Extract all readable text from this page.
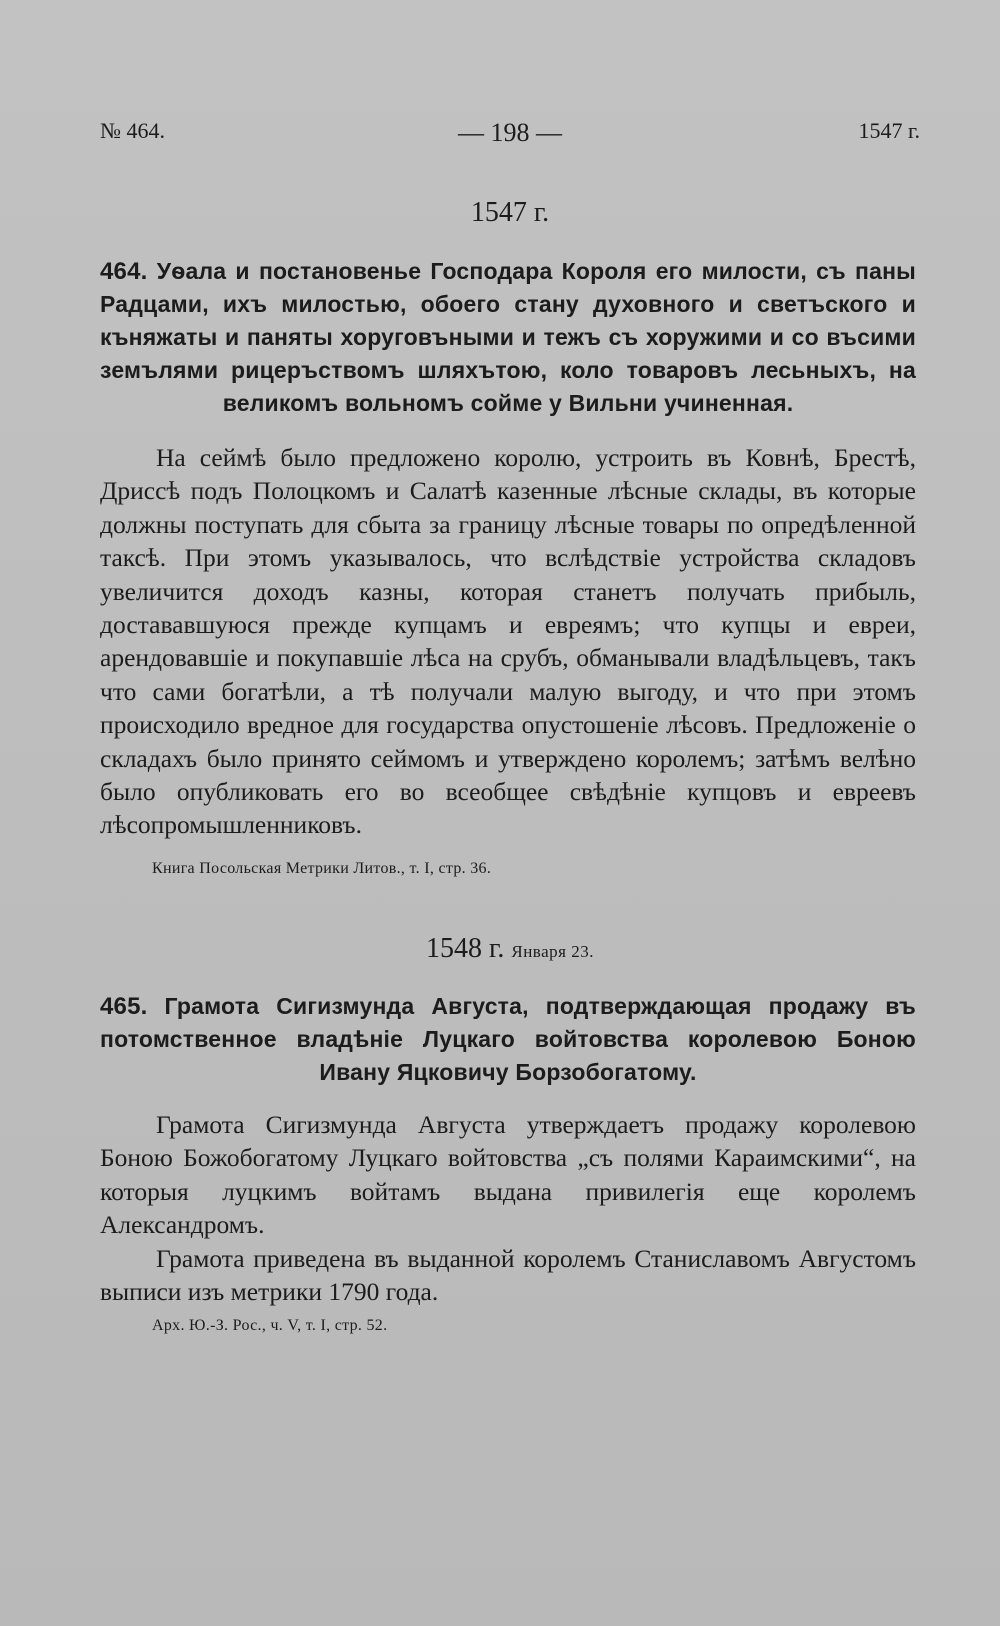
№ 464.	— 198 —	1547 г.
1547 г.
464. Уѳала и постановенье Господара Короля его милости, съ паны Радцами, ихъ милостью, обоего стану духовного и светъского и къняжаты и паняты хоруговъными и тежъ съ хоружими и со въсими земълями рицеръствомъ шляхътою, коло товаровъ лесьныхъ, на великомъ вольномъ сойме у Вильни учиненная.

На сеймѣ было предложено королю, устроить въ Ковнѣ, Брестѣ, Дриссѣ подъ Полоцкомъ и Салатѣ казенные лѣсные склады, въ которые должны поступать для сбыта за границу лѣсные товары по опредѣленной таксѣ. При этомъ указывалось, что вслѣдствіе устройства складовъ увеличится доходъ казны, которая станетъ получать прибыль, достававшуюся прежде купцамъ и евреямъ; что купцы и евреи, арендовавшіе и покупавшіе лѣса на срубъ, обманывали владѣльцевъ, такъ что сами богатѣли, а тѣ получали малую выгоду, и что при этомъ происходило вредное для государства опустошеніе лѣсовъ. Предложеніе о складахъ было принято сеймомъ и утверждено королемъ; затѣмъ велѣно было опубликовать его во всеобщее свѣдѣніе купцовъ и евреевъ лѣсопромышленниковъ.

Книга Посольская Метрики Литов., т. I, стр. 36.
1548 г. Января 23.
465. Грамота Сигизмунда Августа, подтверждающая продажу въ потомственное владѣніе Луцкаго войтовства королевою Боною Ивану Яцковичу Борзобогатому.

Грамота Сигизмунда Августа утверждаетъ продажу королевою Боною Божобогатому Луцкаго войтовства „съ полями Караимскими“, на которыя луцкимъ войтамъ выдана привилегія еще королемъ Александромъ.

Грамота приведена въ выданной королемъ Станиславомъ Августомъ выписи изъ метрики 1790 года.

Арх. Ю.-З. Рос., ч. V, т. I, стр. 52.
